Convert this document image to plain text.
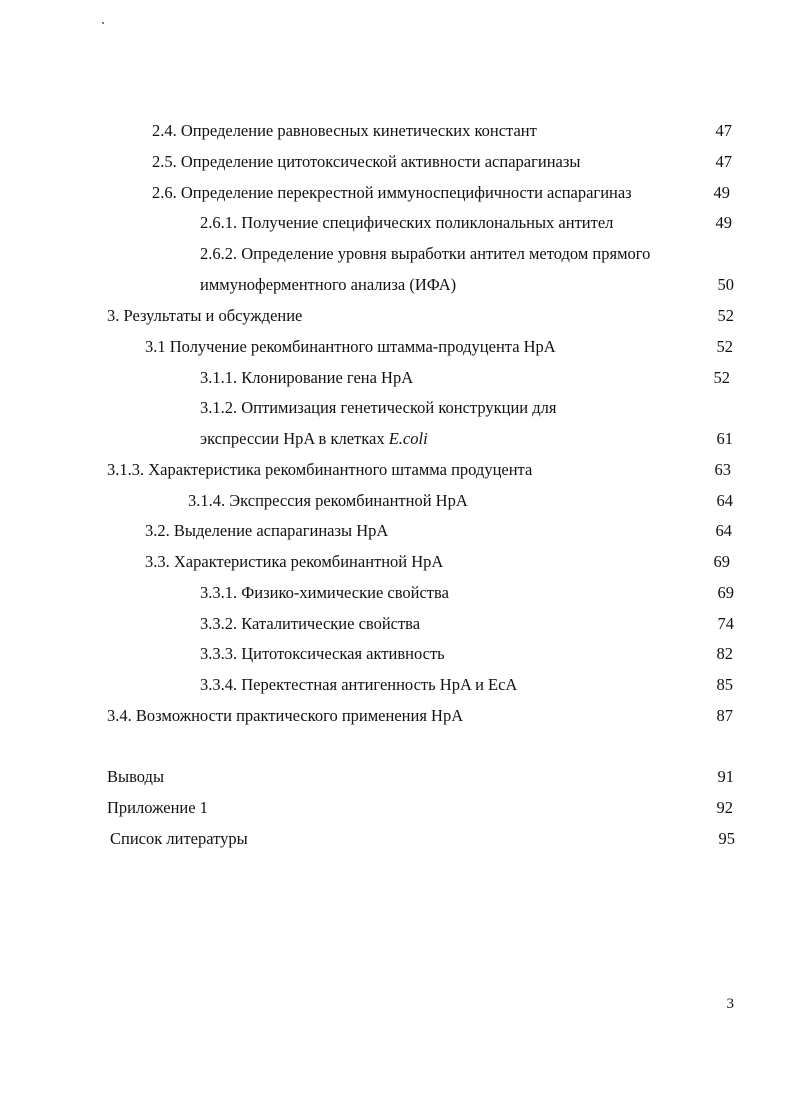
2.4. Определение равновесных кинетических констант	47
2.5. Определение цитотоксической активности аспарагиназы	47
2.6. Определение перекрестной иммуноспецифичности аспарагиназ	49
2.6.1. Получение специфических поликлональных антител	49
2.6.2. Определение уровня выработки антител методом прямого
иммуноферментного анализа (ИФА)	50
3. Результаты и обсуждение	52
3.1 Получение рекомбинантного штамма-продуцента HpA	52
3.1.1. Клонирование гена HpA	52
3.1.2. Оптимизация генетической конструкции для
экспрессии HpA в клетках E.coli	61
3.1.3. Характеристика рекомбинантного штамма продуцента	63
3.1.4. Экспрессия рекомбинантной HpA	64
3.2. Выделение аспарагиназы HpA	64
3.3. Характеристика рекомбинантной HpA	69
3.3.1. Физико-химические свойства	69
3.3.2. Каталитические свойства	74
3.3.3. Цитотоксическая активность	82
3.3.4. Перектестная антигенность HpA и EcA	85
3.4. Возможности практического применения HpA	87
Выводы	91
Приложение 1	92
Список литературы	95
3
